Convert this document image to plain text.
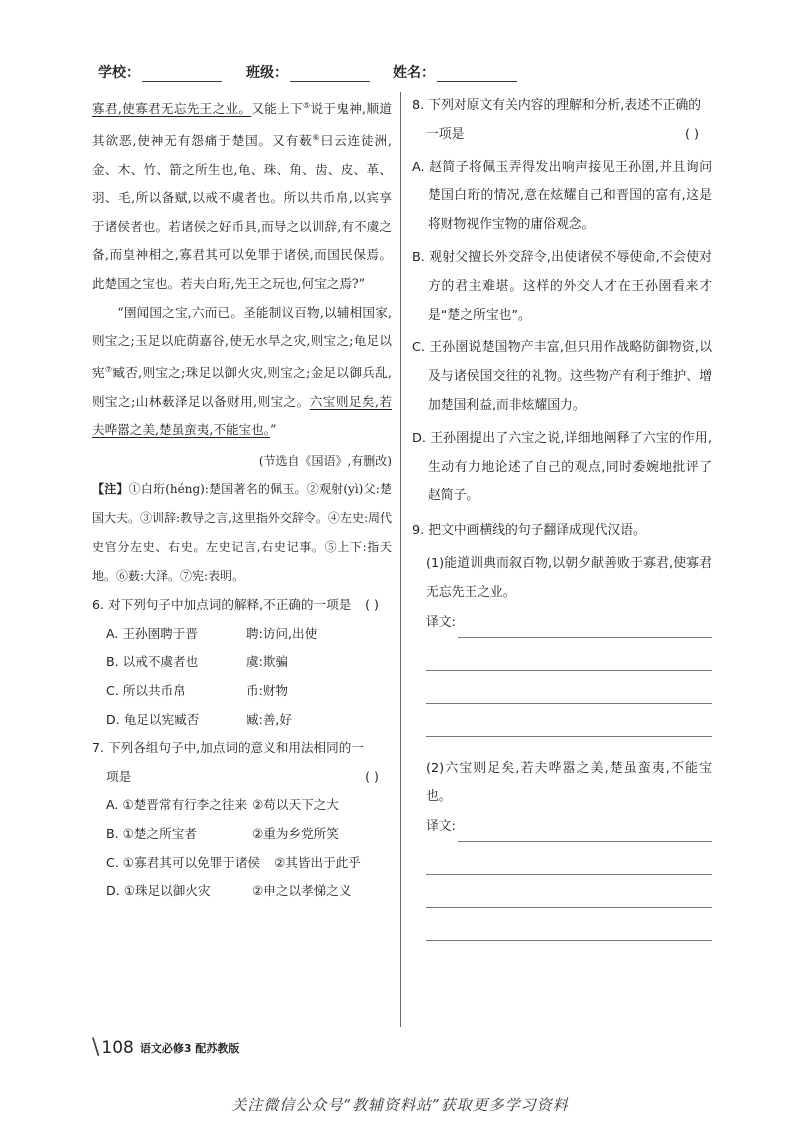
学校：	班级：	姓名：

寡君,使寡君无忘先王之业。又能上下⑤说于鬼神,顺道其欲恶,使神无有怨痛于楚国。又有薮⑥曰云连徒洲,金、木、竹、箭之所生也,龟、珠、角、齿、皮、革、羽、毛,所以备赋,以戒不虞者也。所以共币帛,以宾享于诸侯者也。若诸侯之好币具,而导之以训辞,有不虞之备,而皇神相之,寡君其可以免罪于诸侯,而国民保焉。此楚国之宝也。若夫白珩,先王之玩也,何宝之焉?”

“圉闻国之宝,六而已。圣能制议百物,以辅相国家,则宝之;玉足以庇荫嘉谷,使无水旱之灾,则宝之;龟足以宪⑦臧否,则宝之;珠足以御火灾,则宝之;金足以御兵乱,则宝之;山林薮泽足以备财用,则宝之。六宝则足矣,若夫哗嚣之美,楚虽蛮夷,不能宝也。”

(节选自《国语》,有删改)

【注】①白珩(héng):楚国著名的佩玉。②观射(yì)父:楚国大夫。③训辞:教导之言,这里指外交辞令。④左史:周代史官分左史、右史。左史记言,右史记事。⑤上下:指天地。⑥薮:大泽。⑦宪:表明。

6. 对下列句子中加点词的解释,不正确的一项是	( )
A. 王孙圉聘于晋	聘:访问,出使
B. 以戒不虞者也	虞:欺骗
C. 所以共币帛	币:财物
D. 龟足以宪臧否	臧:善,好
7. 下列各组句子中,加点词的意义和用法相同的一
项是	( )
A. ①楚晋常有行李之往来 ②苟以天下之大
B. ①楚之所宝者	②重为乡党所笑
C. ①寡君其可以免罪于诸侯	②其皆出于此乎
D. ①珠足以御火灾	②申之以孝悌之义

8. 下列对原文有关内容的理解和分析,表述不正确的

一项是	( )

A. 赵简子将佩玉弄得发出响声接见王孙圉,并且询问楚国白珩的情况,意在炫耀自己和晋国的富有,这是将财物视作宝物的庸俗观念。

B. 观射父擅长外交辞令,出使诸侯不辱使命,不会使对方的君主难堪。这样的外交人才在王孙圉看来才是“楚之所宝也”。

C. 王孙圉说楚国物产丰富,但只用作战略防御物资,以及与诸侯国交往的礼物。这些物产有利于维护、增加楚国利益,而非炫耀国力。

D. 王孙圉提出了六宝之说,详细地阐释了六宝的作用,生动有力地论述了自己的观点,同时委婉地批评了赵简子。

9. 把文中画横线的句子翻译成现代汉语。

(1)能道训典而叙百物,以朝夕献善败于寡君,使寡君无忘先王之业。

译文:

(2)六宝则足矣,若夫哗嚣之美,楚虽蛮夷,不能宝也。

译文:
\ 108 语文必修3 配苏教版
关注微信公众号“教辅资料站”获取更多学习资料
